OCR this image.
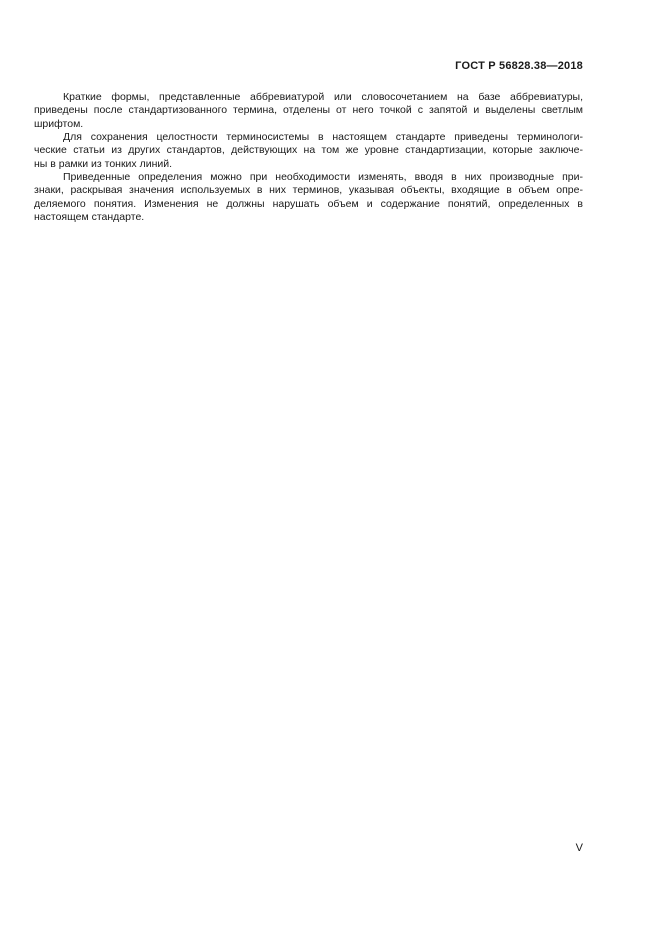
ГОСТ Р 56828.38—2018
Краткие формы, представленные аббревиатурой или словосочетанием на базе аббревиатуры,
приведены после стандартизованного термина, отделены от него точкой с запятой и выделены светлым
шрифтом.
Для сохранения целостности терминосистемы в настоящем стандарте приведены терминологи-
ческие статьи из других стандартов, действующих на том же уровне стандартизации, которые заключе-
ны в рамки из тонких линий.
Приведенные определения можно при необходимости изменять, вводя в них производные при-
знаки, раскрывая значения используемых в них терминов, указывая объекты, входящие в объем опре-
деляемого понятия. Изменения не должны нарушать объем и содержание понятий, определенных в
настоящем стандарте.
V
